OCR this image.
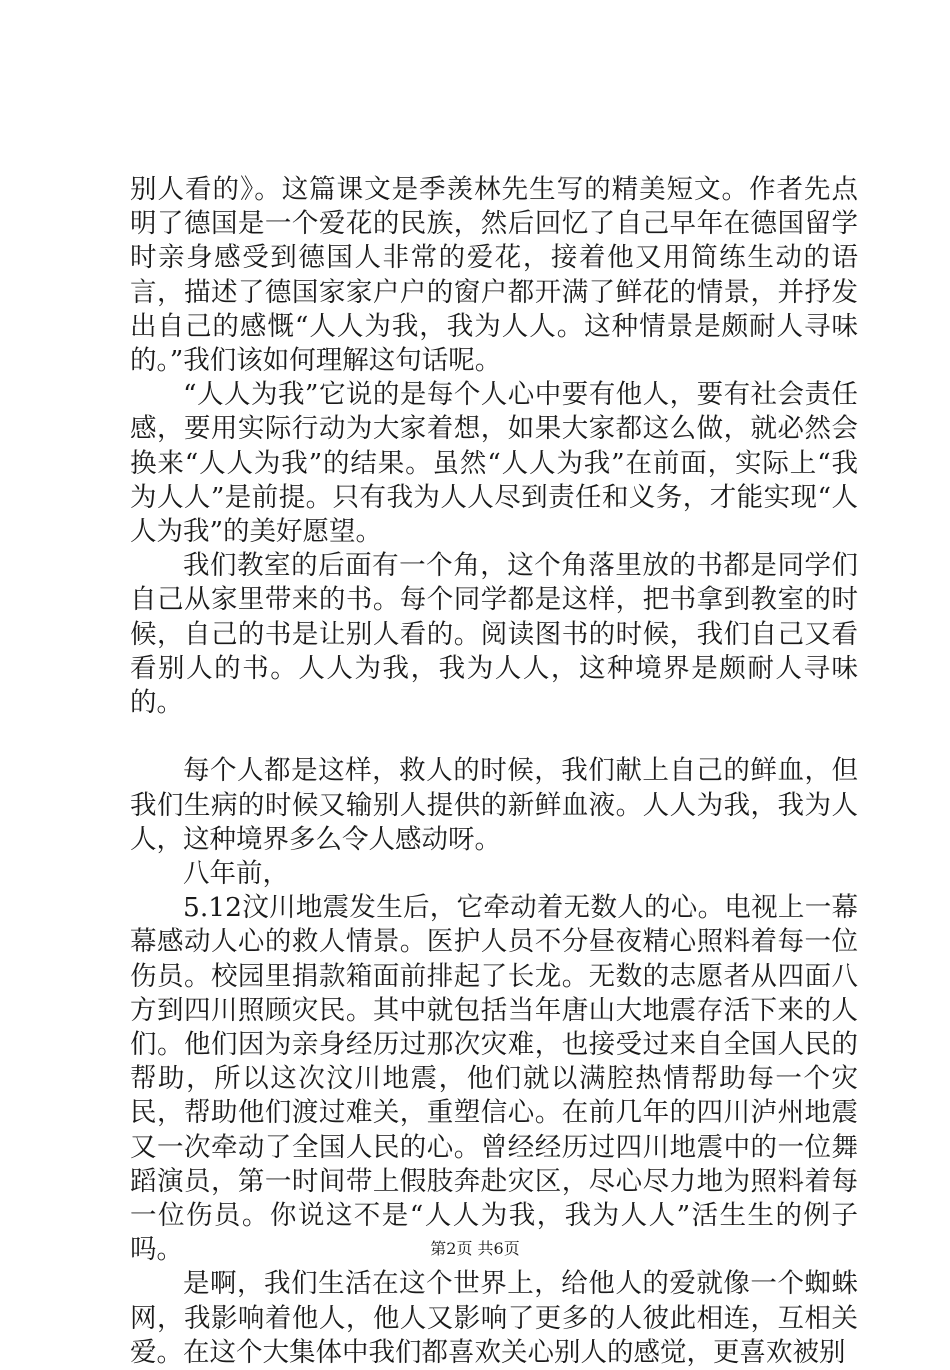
别人看的》。这篇课文是季羡林先生写的精美短文。作者先点明了德国是一个爱花的民族，然后回忆了自己早年在德国留学时亲身感受到德国人非常的爱花，接着他又用简练生动的语言，描述了德国家家户户的窗户都开满了鲜花的情景，并抒发出自己的感慨“人人为我，我为人人。这种情景是颇耐人寻味的。”我们该如何理解这句话呢。

“人人为我”它说的是每个人心中要有他人，要有社会责任感，要用实际行动为大家着想，如果大家都这么做，就必然会换来“人人为我”的结果。虽然“人人为我”在前面，实际上“我为人人”是前提。只有我为人人尽到责任和义务，才能实现“人人为我”的美好愿望。

我们教室的后面有一个角，这个角落里放的书都是同学们自己从家里带来的书。每个同学都是这样，把书拿到教室的时候，自己的书是让别人看的。阅读图书的时候，我们自己又看看别人的书。人人为我，我为人人，这种境界是颇耐人寻味的。

每个人都是这样，救人的时候，我们献上自己的鲜血，但我们生病的时候又输别人提供的新鲜血液。人人为我，我为人人，这种境界多么令人感动呀。

八年前，

5.12汶川地震发生后，它牵动着无数人的心。电视上一幕幕感动人心的救人情景。医护人员不分昼夜精心照料着每一位伤员。校园里捐款箱面前排起了长龙。无数的志愿者从四面八方到四川照顾灾民。其中就包括当年唐山大地震存活下来的人们。他们因为亲身经历过那次灾难，也接受过来自全国人民的帮助，所以这次汶川地震，他们就以满腔热情帮助每一个灾民，帮助他们渡过难关，重塑信心。在前几年的四川泸州地震又一次牵动了全国人民的心。曾经经历过四川地震中的一位舞蹈演员，第一时间带上假肢奔赴灾区，尽心尽力地为照料着每一位伤员。你说这不是“人人为我，我为人人”活生生的例子吗。

是啊，我们生活在这个世界上，给他人的爱就像一个蜘蛛网，我影响着他人，他人又影响了更多的人彼此相连，互相关爱。在这个大集体中我们都喜欢关心别人的感觉，更喜欢被别

第2页 共6页
